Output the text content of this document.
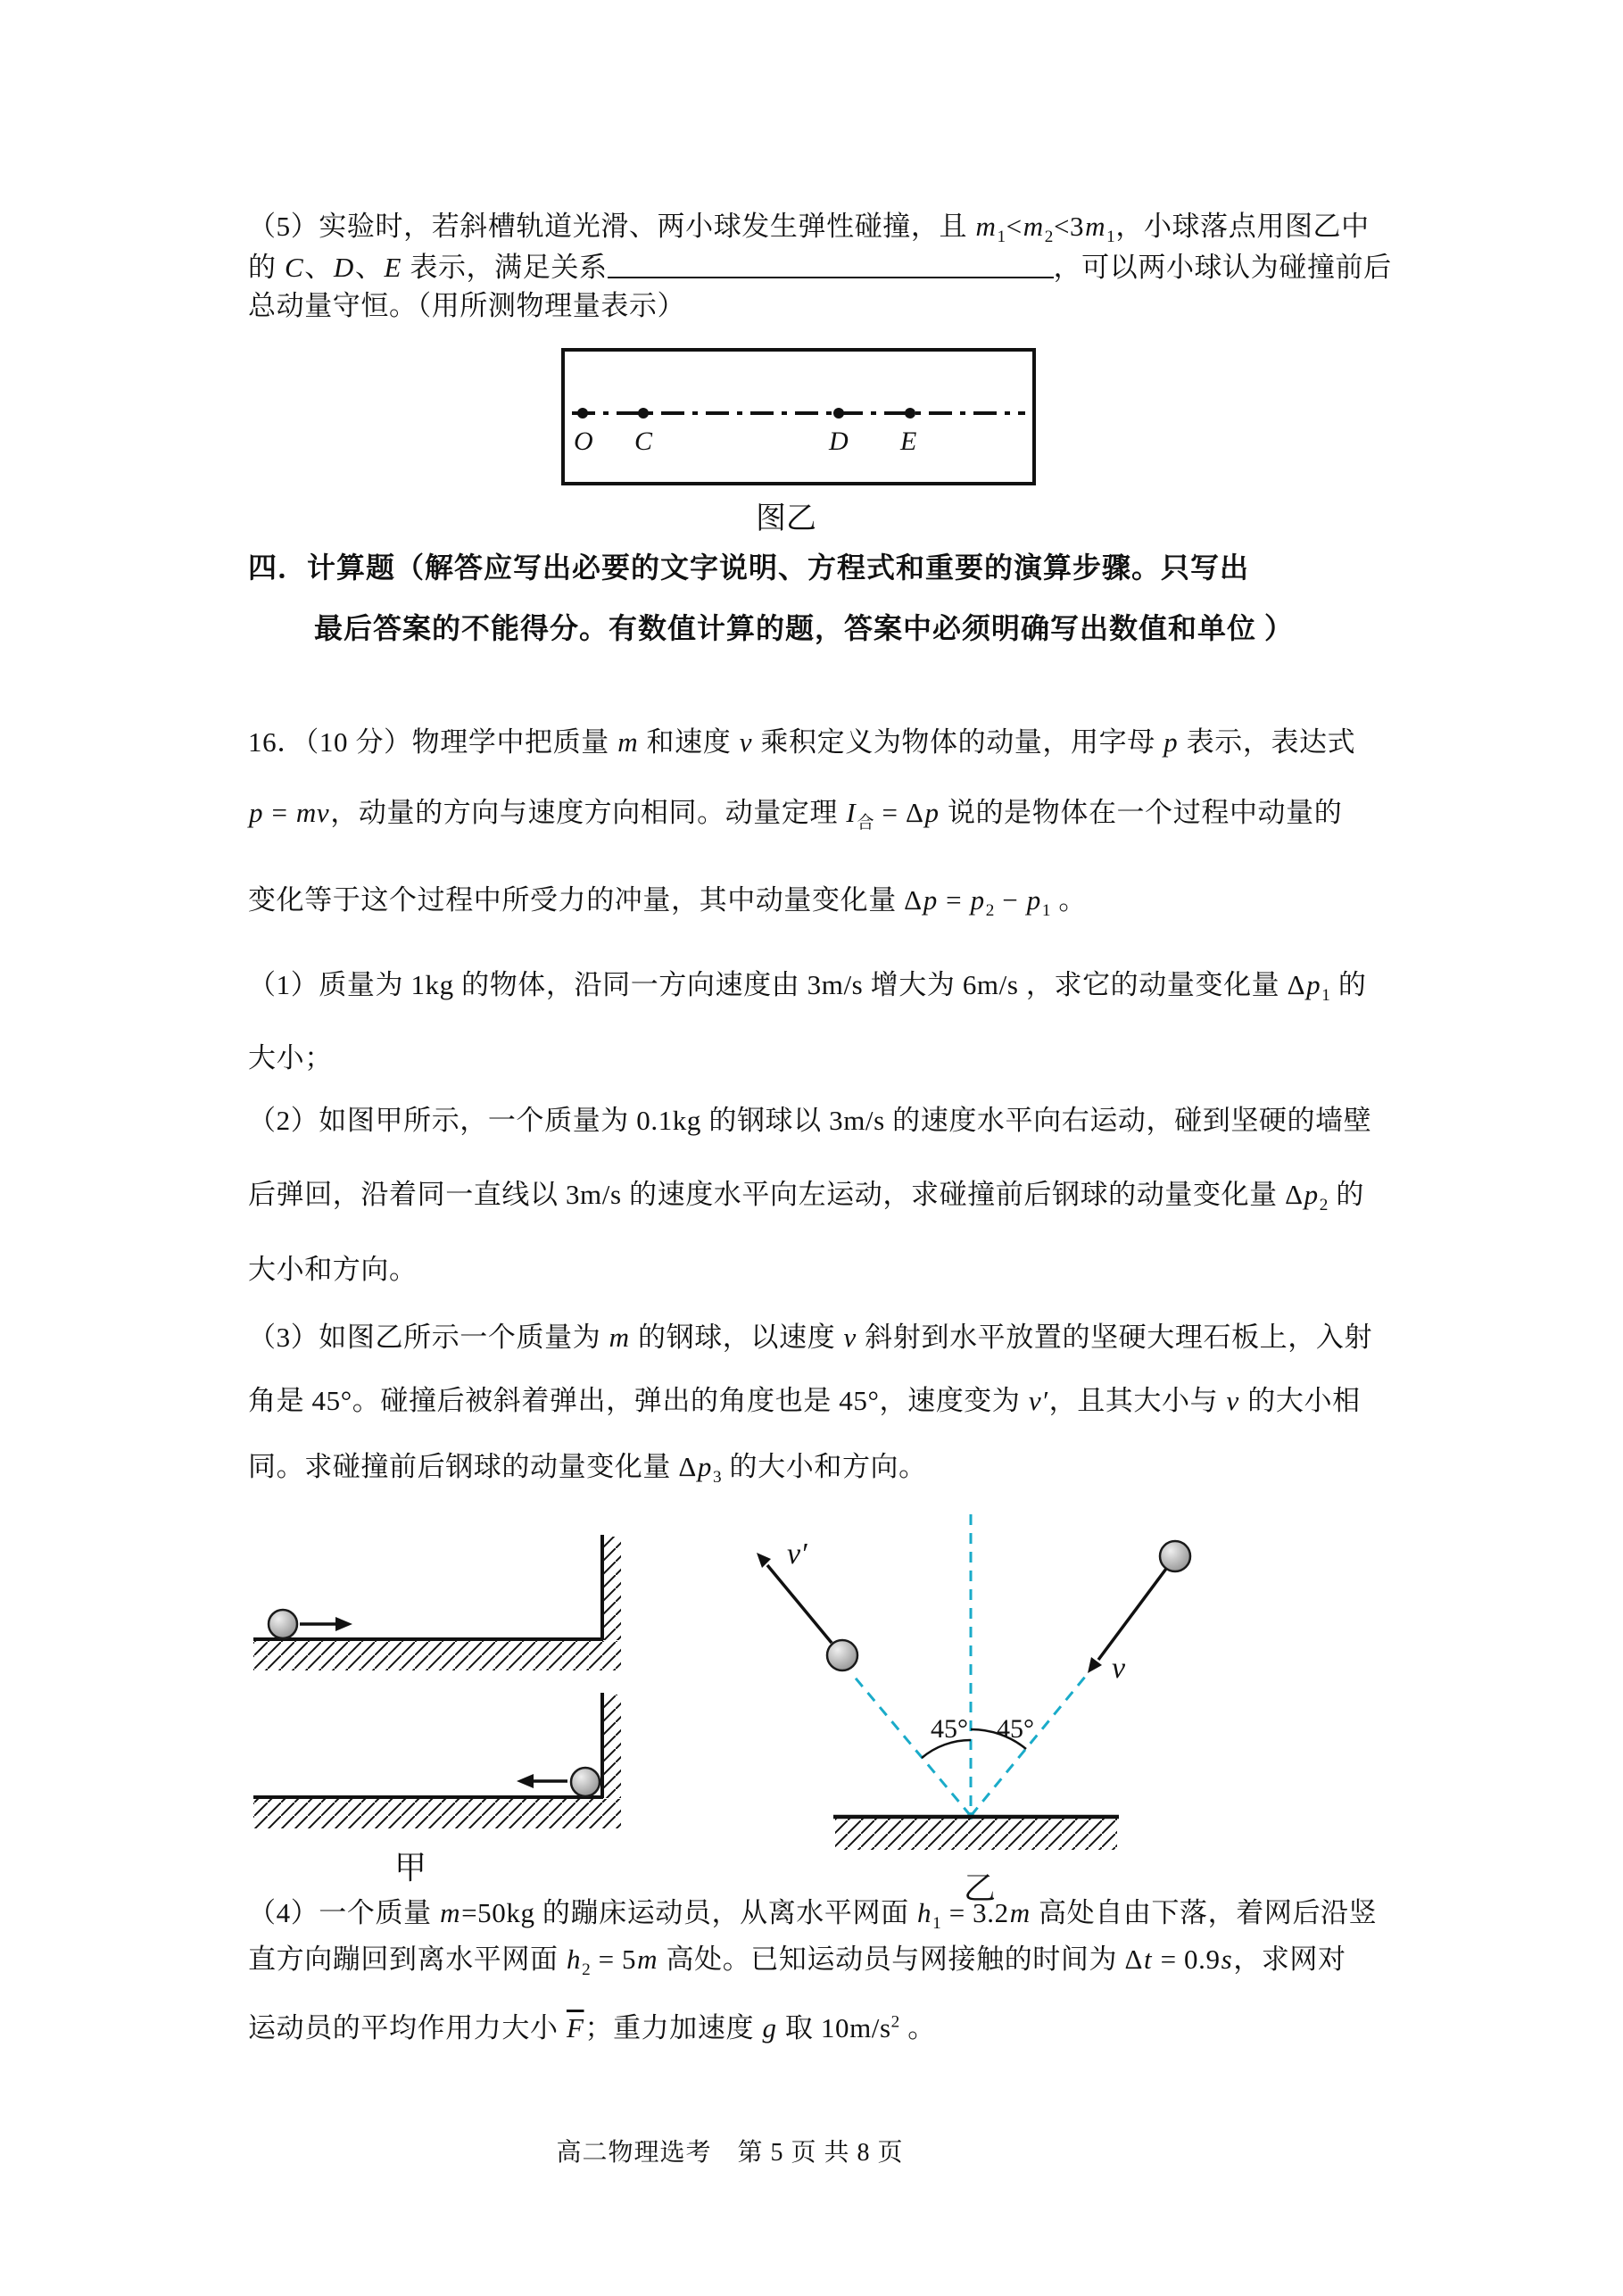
（5）实验时，若斜槽轨道光滑、两小球发生弹性碰撞，且 $m_1<m_2<3m_1$，小球落点用图乙中
的 C、D、E 表示，满足关系	，可以两小球认为碰撞前后
总动量守恒。（用所测物理量表示）
O C	D E
图乙
四．计算题（解答应写出必要的文字说明、方程式和重要的演算步骤。只写出
最后答案的不能得分。有数值计算的题，答案中必须明确写出数值和单位 ）
16．（10 分）物理学中把质量 m 和速度 v 乘积定义为物体的动量，用字母 p 表示，表达式
p = mv，动量的方向与速度方向相同。动量定理 $I_合 = \Delta p$ 说的是物体在一个过程中动量的
变化等于这个过程中所受力的冲量，其中动量变化量 $\Delta p = p_2 - p_1$ 。
（1）质量为 1kg 的物体，沿同一方向速度由 3m/s 增大为 6m/s ，求它的动量变化量 $\Delta p_1$ 的
大小；
（2）如图甲所示，一个质量为 0.1kg 的钢球以 3m/s 的速度水平向右运动，碰到坚硬的墙壁
后弹回，沿着同一直线以 3m/s 的速度水平向左运动，求碰撞前后钢球的动量变化量 $\Delta p_2$ 的
大小和方向。
（3）如图乙所示一个质量为 m 的钢球，以速度 v 斜射到水平放置的坚硬大理石板上，入射
角是 45°。碰撞后被斜着弹出，弹出的角度也是 45°，速度变为 v′，且其大小与 v 的大小相
同。求碰撞前后钢球的动量变化量 $\Delta p_3$ 的大小和方向。
甲
45° 45°
v′
v
乙
（4）一个质量 m=50kg 的蹦床运动员，从离水平网面 $h_1 = 3.2m$ 高处自由下落，着网后沿竖
直方向蹦回到离水平网面 $h_2 = 5m$ 高处。已知运动员与网接触的时间为 Δt = 0.9s，求网对
运动员的平均作用力大小 $\overline{F}$；重力加速度 g 取 $10m/s^2$ 。
高二物理选考　第 5 页 共 8 页
